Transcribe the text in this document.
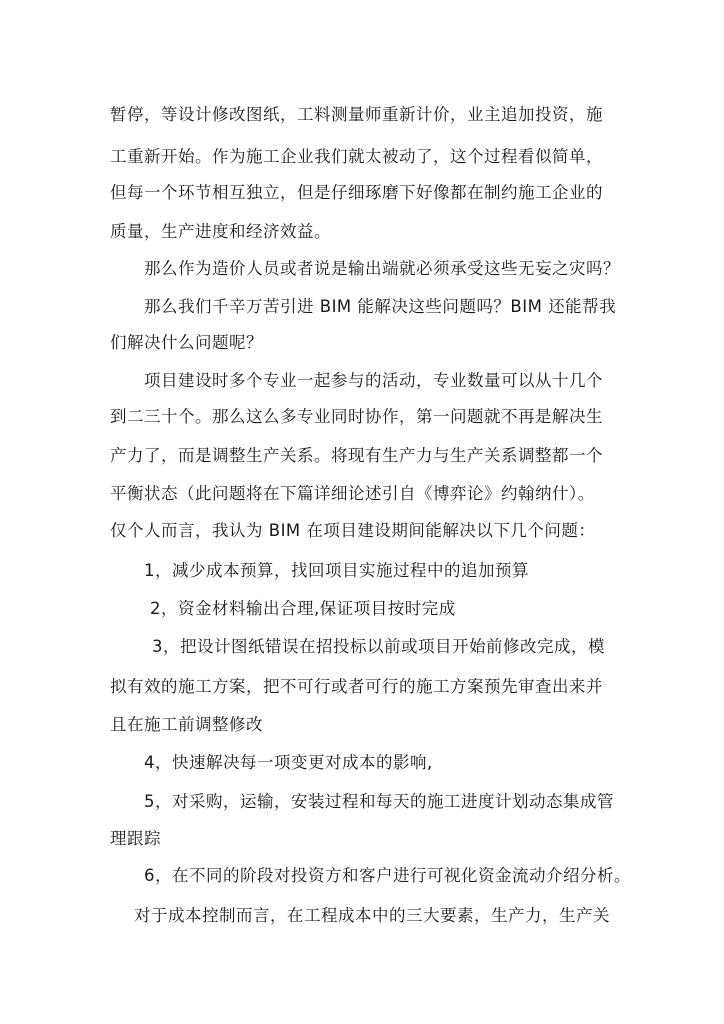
暂停，等设计修改图纸，工料测量师重新计价，业主追加投资，施
工重新开始。作为施工企业我们就太被动了，这个过程看似简单，
但每一个环节相互独立，但是仔细琢磨下好像都在制约施工企业的
质量，生产进度和经济效益。
那么作为造价人员或者说是输出端就必须承受这些无妄之灾吗？
那么我们千辛万苦引进 BIM 能解决这些问题吗？BIM 还能帮我
们解决什么问题呢？
项目建设时多个专业一起参与的活动，专业数量可以从十几个
到二三十个。那么这么多专业同时协作，第一问题就不再是解决生
产力了，而是调整生产关系。将现有生产力与生产关系调整都一个
平衡状态（此问题将在下篇详细论述引自《博弈论》约翰纳什）。
仅个人而言，我认为 BIM 在项目建设期间能解决以下几个问题：
1，减少成本预算，找回项目实施过程中的追加预算
2，资金材料输出合理,保证项目按时完成
3，把设计图纸错误在招投标以前或项目开始前修改完成，模
拟有效的施工方案，把不可行或者可行的施工方案预先审查出来并
且在施工前调整修改
4，快速解决每一项变更对成本的影响,
5，对采购，运输，安装过程和每天的施工进度计划动态集成管
理跟踪
6，在不同的阶段对投资方和客户进行可视化资金流动介绍分析。
对于成本控制而言，在工程成本中的三大要素，生产力，生产关
